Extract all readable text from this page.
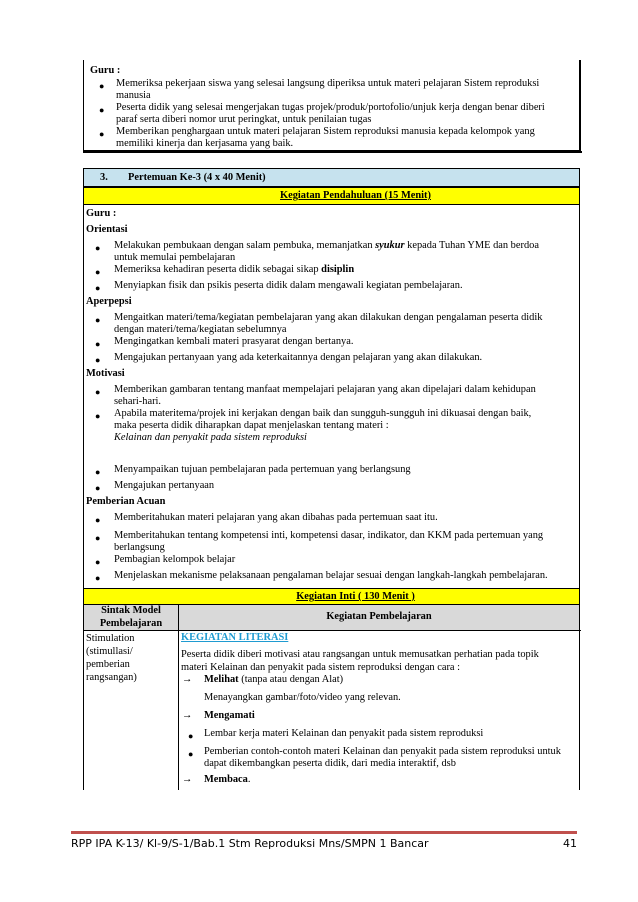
Guru :
● Memeriksa pekerjaan siswa yang selesai langsung diperiksa untuk materi pelajaran Sistem reproduksi
manusia
● Peserta didik yang selesai mengerjakan tugas projek/produk/portofolio/unjuk kerja dengan benar diberi
paraf serta diberi nomor urut peringkat, untuk penilaian tugas
● Memberikan penghargaan untuk materi pelajaran Sistem reproduksi manusia kepada kelompok yang
memiliki kinerja dan kerjasama yang baik.
3. Pertemuan Ke-3 (4 x 40 Menit)
Kegiatan Pendahuluan (15 Menit)
Guru :
Orientasi
● Melakukan pembukaan dengan salam pembuka, memanjatkan syukur kepada Tuhan YME dan berdoa
untuk memulai pembelajaran
● Memeriksa kehadiran peserta didik sebagai sikap disiplin
● Menyiapkan fisik dan psikis peserta didik dalam mengawali kegiatan pembelajaran.
Aperpepsi
● Mengaitkan materi/tema/kegiatan pembelajaran yang akan dilakukan dengan pengalaman peserta didik
dengan materi/tema/kegiatan sebelumnya
● Mengingatkan kembali materi prasyarat dengan bertanya.
● Mengajukan pertanyaan yang ada keterkaitannya dengan pelajaran yang akan dilakukan.
Motivasi
● Memberikan gambaran tentang manfaat mempelajari pelajaran yang akan dipelajari dalam kehidupan
sehari-hari.
● Apabila materitema/projek ini kerjakan dengan baik dan sungguh-sungguh ini dikuasai dengan baik,
maka peserta didik diharapkan dapat menjelaskan tentang materi :
Kelainan dan penyakit pada sistem reproduksi
● Menyampaikan tujuan pembelajaran pada pertemuan yang berlangsung
● Mengajukan pertanyaan
Pemberian Acuan
● Memberitahukan materi pelajaran yang akan dibahas pada pertemuan saat itu.
● Memberitahukan tentang kompetensi inti, kompetensi dasar, indikator, dan KKM pada pertemuan yang
berlangsung
● Pembagian kelompok belajar
● Menjelaskan mekanisme pelaksanaan pengalaman belajar sesuai dengan langkah-langkah pembelajaran.
Kegiatan Inti ( 130 Menit )
Sintak Model
Pembelajaran
Kegiatan Pembelajaran
Stimulation
(stimullasi/
pemberian
rangsangan)
KEGIATAN LITERASI
Peserta didik diberi motivasi atau rangsangan untuk memusatkan perhatian pada topik
materi Kelainan dan penyakit pada sistem reproduksi dengan cara :
→ Melihat (tanpa atau dengan Alat)
Menayangkan gambar/foto/video yang relevan.
→ Mengamati
● Lembar kerja materi Kelainan dan penyakit pada sistem reproduksi
● Pemberian contoh-contoh materi Kelainan dan penyakit pada sistem reproduksi untuk
dapat dikembangkan peserta didik, dari media interaktif, dsb
→ Membaca.
RPP IPA K-13/ Kl-9/S-1/Bab.1 Stm Reproduksi Mns/SMPN 1 Bancar	41
